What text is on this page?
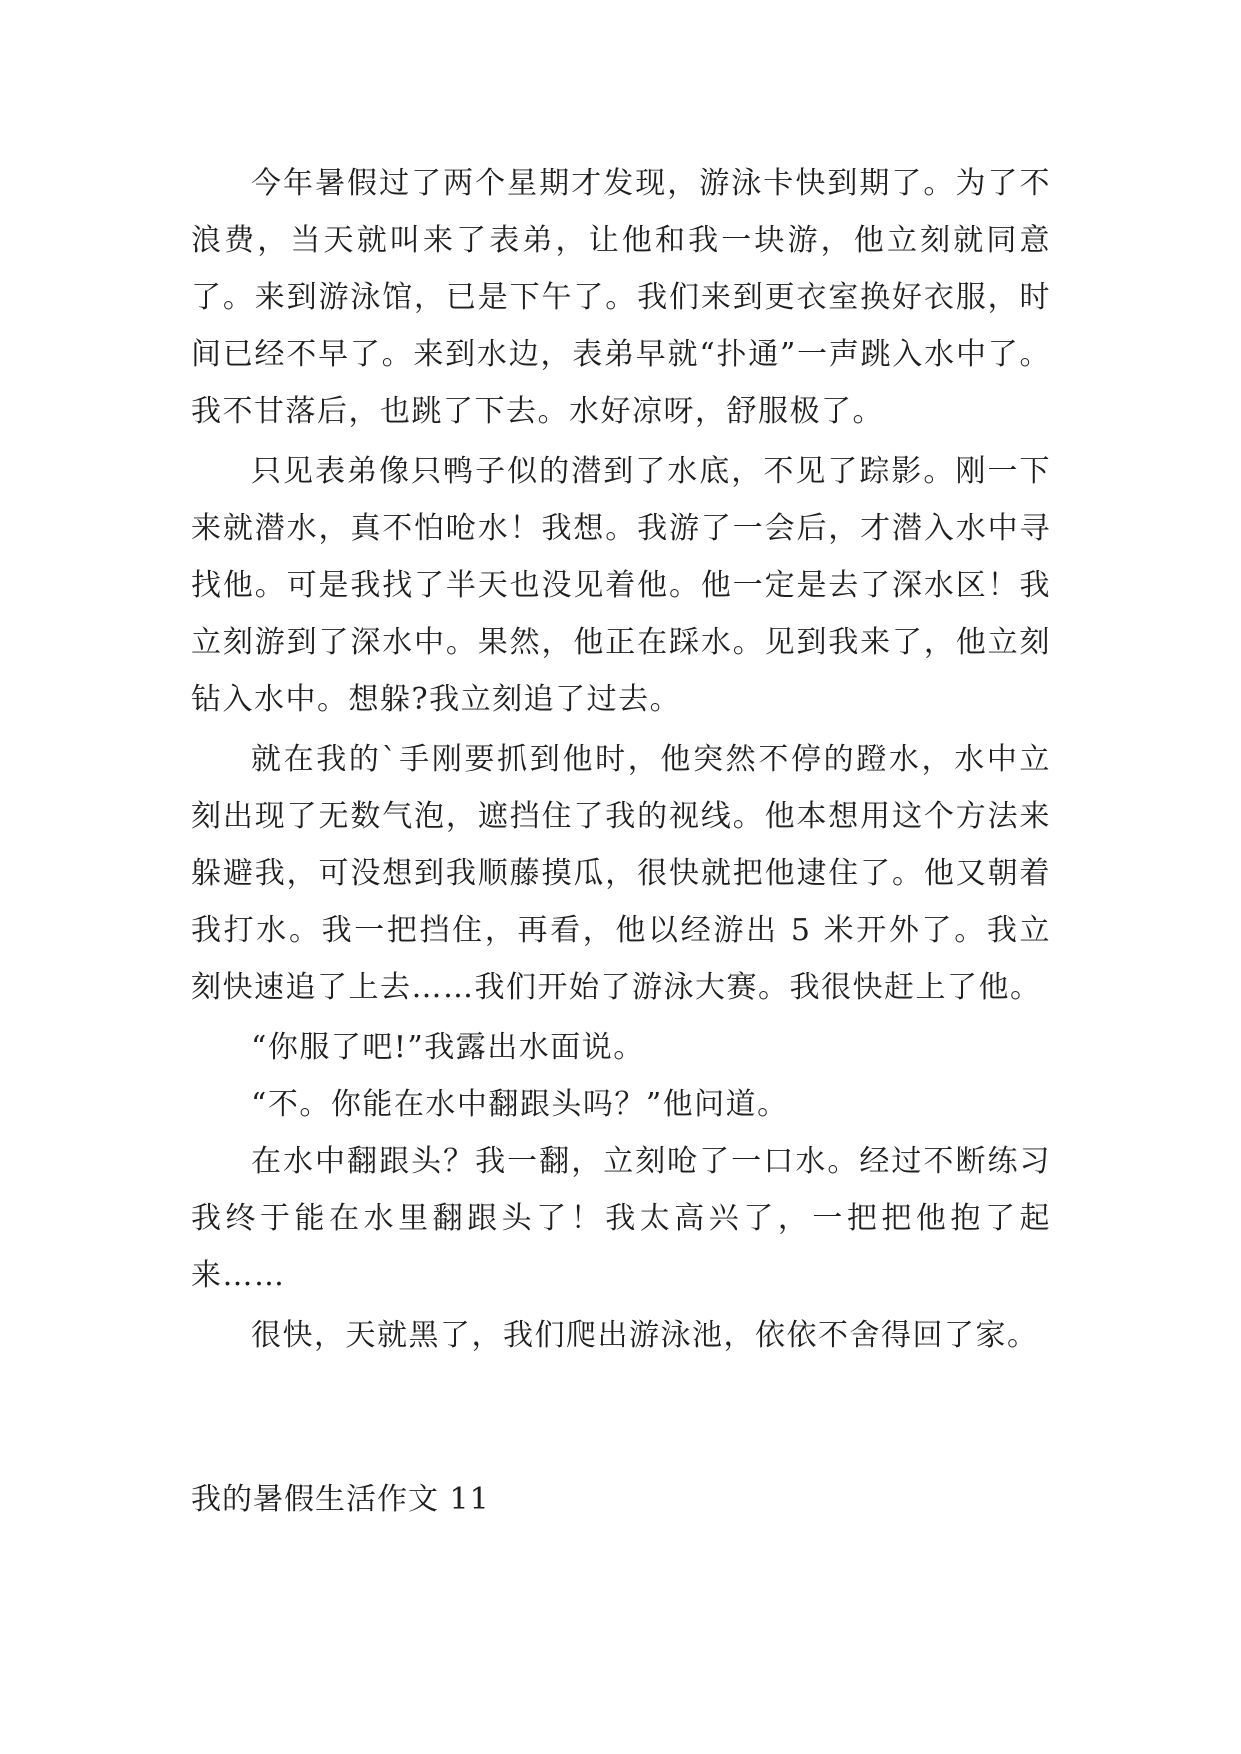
今年暑假过了两个星期才发现，游泳卡快到期了。为了不浪费，当天就叫来了表弟，让他和我一块游，他立刻就同意了。来到游泳馆，已是下午了。我们来到更衣室换好衣服，时间已经不早了。来到水边，表弟早就“扑通”一声跳入水中了。我不甘落后，也跳了下去。水好凉呀，舒服极了。

只见表弟像只鸭子似的潜到了水底，不见了踪影。刚一下来就潜水，真不怕呛水！我想。我游了一会后，才潜入水中寻找他。可是我找了半天也没见着他。他一定是去了深水区！我立刻游到了深水中。果然，他正在踩水。见到我来了，他立刻钻入水中。想躲?我立刻追了过去。

就在我的`手刚要抓到他时，他突然不停的蹬水，水中立刻出现了无数气泡，遮挡住了我的视线。他本想用这个方法来躲避我，可没想到我顺藤摸瓜，很快就把他逮住了。他又朝着我打水。我一把挡住，再看，他以经游出 5 米开外了。我立刻快速追了上去……我们开始了游泳大赛。我很快赶上了他。

“你服了吧!”我露出水面说。

“不。你能在水中翻跟头吗？”他问道。

在水中翻跟头？我一翻，立刻呛了一口水。经过不断练习我终于能在水里翻跟头了！我太高兴了，一把把他抱了起来……

很快，天就黑了，我们爬出游泳池，依依不舍得回了家。

我的暑假生活作文 11
